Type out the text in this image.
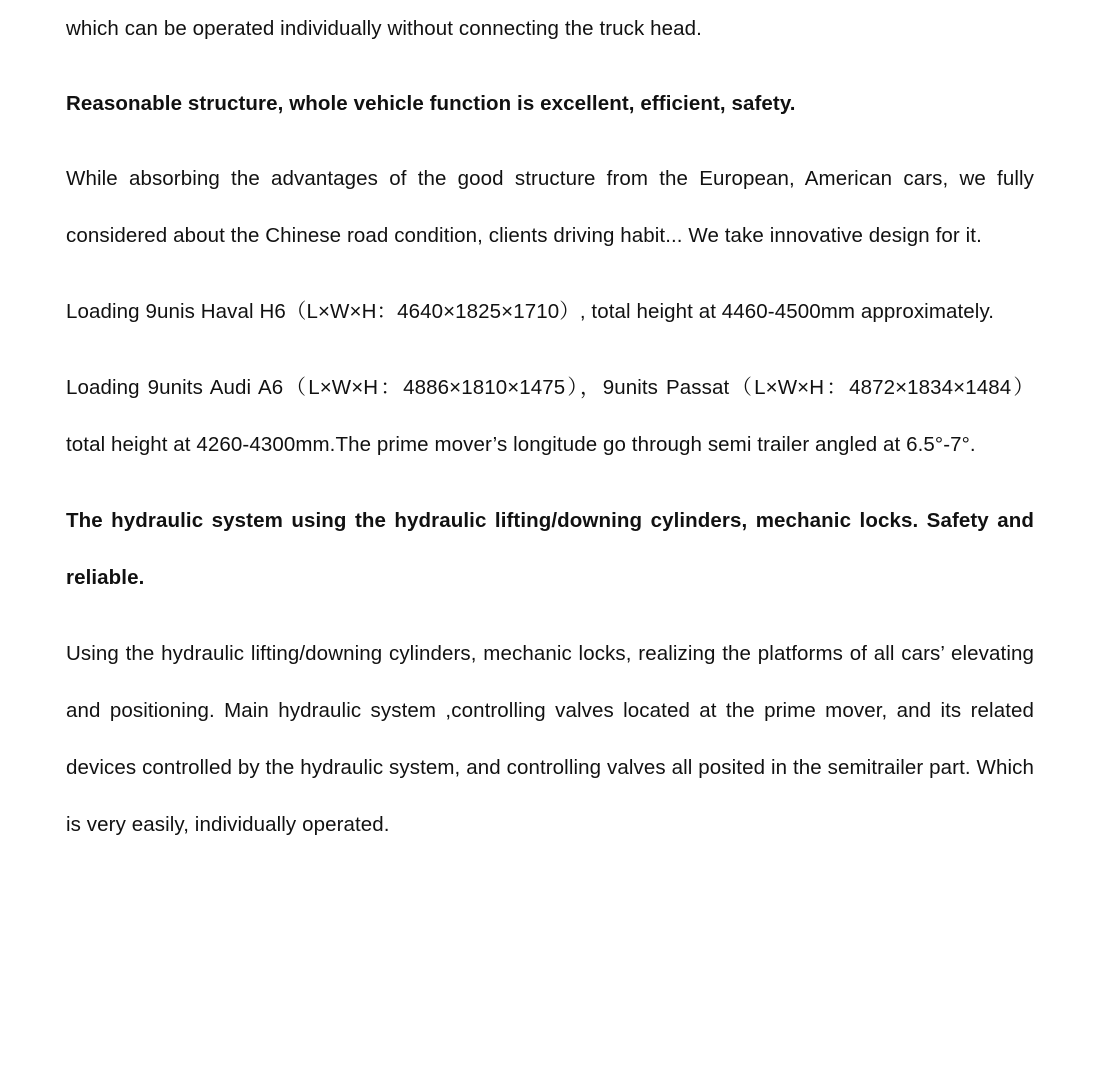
which can be operated individually without connecting the truck head.

Reasonable structure, whole vehicle function is excellent, efficient, safety.

While absorbing the advantages of the good structure from the European, American cars, we fully considered about the Chinese road condition, clients driving habit... We take innovative design for it.

Loading 9unis Haval H6（L×W×H：4640×1825×1710）, total height at 4460-4500mm approximately.

Loading 9units Audi A6（L×W×H：4886×1810×1475），9units Passat（L×W×H：4872×1834×1484）total height at 4260-4300mm.The prime mover’s longitude go through semi trailer angled at 6.5°-7°.

The hydraulic system using the hydraulic lifting/downing cylinders, mechanic locks. Safety and reliable.

Using the hydraulic lifting/downing cylinders, mechanic locks, realizing the platforms of all cars’ elevating and positioning. Main hydraulic system ,controlling valves located at the prime mover, and its related devices controlled by the hydraulic system, and controlling valves all posited in the semitrailer part. Which is very easily, individually operated.
